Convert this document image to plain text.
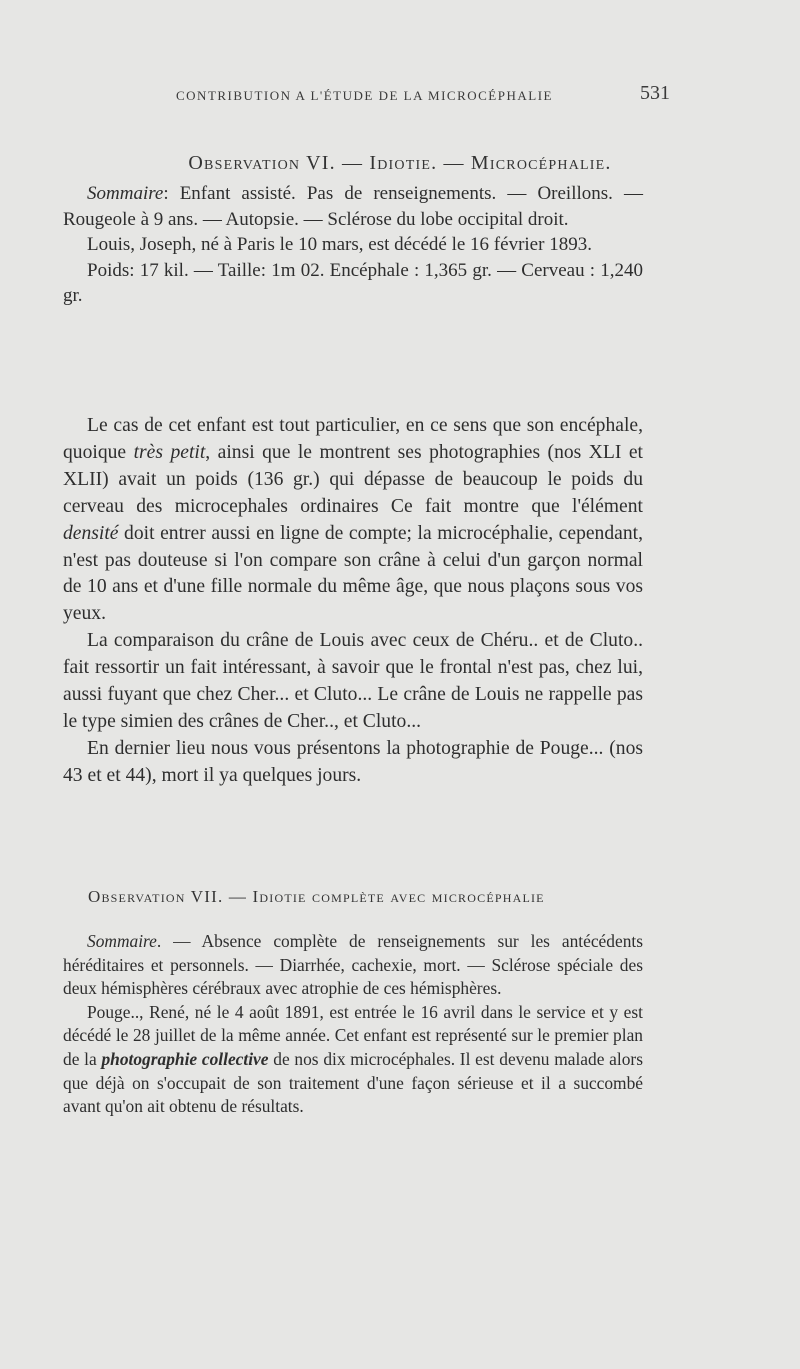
CONTRIBUTION A L'ÉTUDE DE LA MICROCÉPHALIE	531
Observation VI. — Idiotie. — Microcéphalie.

Sommaire: Enfant assisté. Pas de renseignements. — Oreillons. — Rougeole à 9 ans. — Autopsie. — Sclérose du lobe occipital droit.

Louis, Joseph, né à Paris le 10 mars, est décédé le 16 février 1893.

Poids: 17 kil. — Taille: 1m 02. Encéphale : 1,365 gr. — Cerveau : 1,240 gr.

Le cas de cet enfant est tout particulier, en ce sens que son encéphale, quoique très petit, ainsi que le montrent ses photographies (nos XLI et XLII) avait un poids (136 gr.) qui dépasse de beaucoup le poids du cerveau des microcephales ordinaires Ce fait montre que l'élément densité doit entrer aussi en ligne de compte; la microcéphalie, cependant, n'est pas douteuse si l'on compare son crâne à celui d'un garçon normal de 10 ans et d'une fille normale du même âge, que nous plaçons sous vos yeux.

La comparaison du crâne de Louis avec ceux de Chéru.. et de Cluto.. fait ressortir un fait intéressant, à savoir que le frontal n'est pas, chez lui, aussi fuyant que chez Cher... et Cluto... Le crâne de Louis ne rappelle pas le type simien des crânes de Cher.., et Cluto...

En dernier lieu nous vous présentons la photographie de Pouge... (nos 43 et et 44), mort il ya quelques jours.

Observation VII. — Idiotie complète avec microcéphalie

Sommaire. — Absence complète de renseignements sur les antécédents héréditaires et personnels. — Diarrhée, cachexie, mort. — Sclérose spéciale des deux hémisphères cérébraux avec atrophie de ces hémisphères.

Pouge.., René, né le 4 août 1891, est entrée le 16 avril dans le service et y est décédé le 28 juillet de la même année. Cet enfant est représenté sur le premier plan de la photographie collective de nos dix microcéphales. Il est devenu malade alors que déjà on s'occupait de son traitement d'une façon sérieuse et il a succombé avant qu'on ait obtenu de résultats.
